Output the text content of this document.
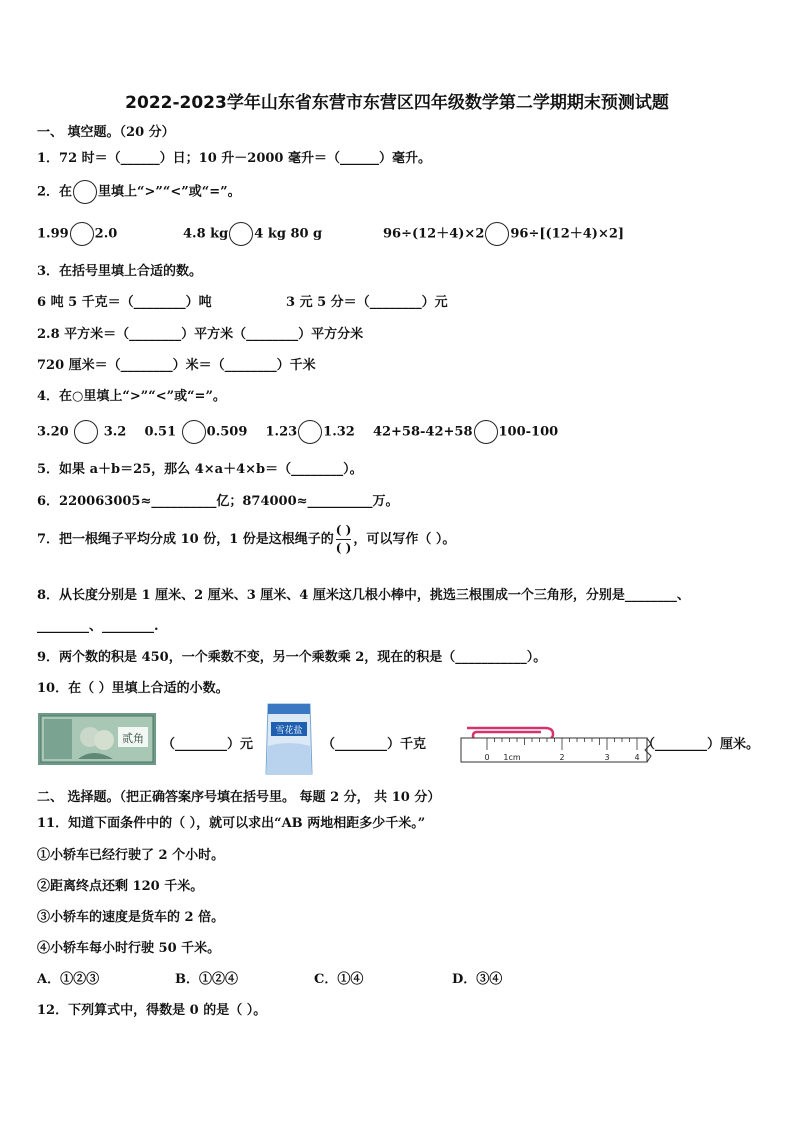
2022-2023学年山东省东营市东营区四年级数学第二学期期末预测试题
一、 填空题。（20 分）
1．72 时＝（______）日；10 升－2000 毫升＝（______）毫升。
2．在 里填上“>”“<”或“=”。
1.99 2.0	4.8 kg 4 kg 80 g	96÷(12＋4)×2 96÷[(12＋4)×2]
3．在括号里填上合适的数。
6 吨 5 千克＝（________）吨	3 元 5 分＝（________）元
2.8 平方米＝（________）平方米（________）平方分米
720 厘米＝（________）米＝（________）千米
4．在○里填上“>”“<”或“=”。
3.20	3.2 0.51 0.509 1.23 1.32 42+58-42+58 100-100
5．如果 a＋b＝25，那么 4×a＋4×b＝（________）。
6．220063005≈__________亿；874000≈__________万。
7．把一根绳子平均分成 10 份，1 份是这根绳子的 $\frac{( )}{( )}$ ，可以写作（ ）。
8．从长度分别是 1 厘米、2 厘米、3 厘米、4 厘米这几根小棒中，挑选三根围成一个三角形，分别是________、
________、________.
9．两个数的积是 450，一个乘数不变，另一个乘数乘 2，现在的积是（___________）。
10．在（ ）里填上合适的小数。
贰角 （________）元
雪花盐
（________）千克
0 1cm	2	3	4
（________）厘米。
二、 选择题。（把正确答案序号填在括号里。 每题 2 分， 共 10 分）
11．知道下面条件中的（ ），就可以求出“AB 两地相距多少千米。”
①小轿车已经行驶了 2 个小时。
②距离终点还剩 120 千米。
③小轿车的速度是货车的 2 倍。
④小轿车每小时行驶 50 千米。
A．①②③	B．①②④	C．①④	D．③④
12．下列算式中，得数是 0 的是（ ）。
